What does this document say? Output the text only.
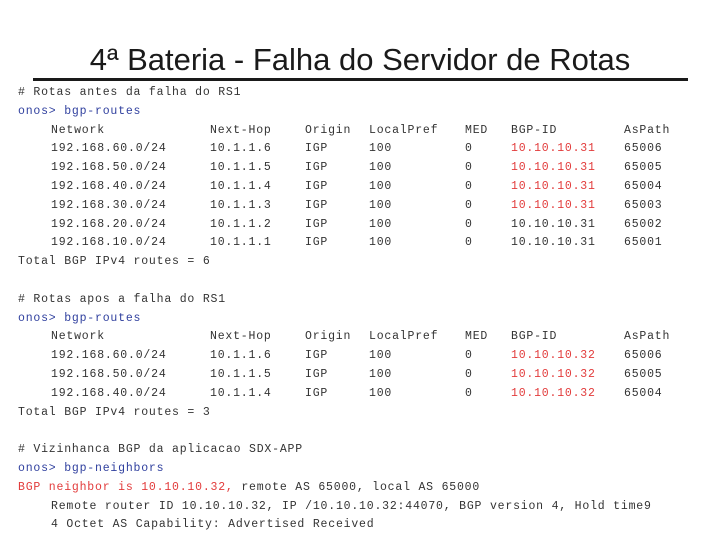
4ª Bateria - Falha do Servidor de Rotas
# Rotas antes da falha do RS1
onos> bgp-routes
Network	Next-Hop	Origin LocalPref MED BGP-ID	AsPath
192.168.60.0/24	10.1.1.6	IGP	100	0	10.10.10.31 65006
192.168.50.0/24	10.1.1.5	IGP	100	0	10.10.10.31 65005
192.168.40.0/24	10.1.1.4	IGP	100	0	10.10.10.31 65004
192.168.30.0/24	10.1.1.3	IGP	100	0	10.10.10.31 65003
192.168.20.0/24	10.1.1.2	IGP	100	0	10.10.10.31 65002
192.168.10.0/24	10.1.1.1	IGP	100	0	10.10.10.31 65001
Total BGP IPv4 routes = 6
# Rotas apos a falha do RS1
onos> bgp-routes
Network	Next-Hop	Origin LocalPref MED BGP-ID	AsPath
192.168.60.0/24	10.1.1.6	IGP	100	0	10.10.10.32 65006
192.168.50.0/24	10.1.1.5	IGP	100	0	10.10.10.32 65005
192.168.40.0/24	10.1.1.4	IGP	100	0	10.10.10.32 65004
Total BGP IPv4 routes = 3
# Vizinhanca BGP da aplicacao SDX-APP
onos> bgp-neighbors
BGP neighbor is 10.10.10.32, remote AS 65000, local AS 65000
Remote router ID 10.10.10.32, IP /10.10.10.32:44070, BGP version 4, Hold time9
4 Octet AS Capability: Advertised Received
